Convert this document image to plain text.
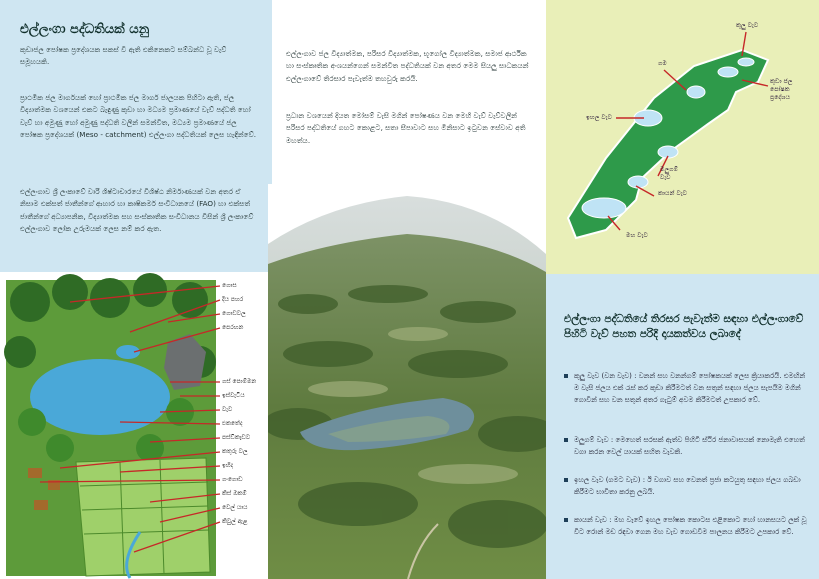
එල්ලංගා පද්ධතියක් යනු

කුඩාජල පෝෂක ප්‍රදේශයක සකස් වී ඇති එකිනෙකට සම්බන්ධ වූ වැව් සමූහයකි.

ප්‍රාථමික ජල මාර්ගයක් හෝ ප්‍රාථමික ජල මාර්ග ජාලයක පිහිටා ඇති, ජල විද්‍යාත්මක වශයෙන් එකට බැඳුණු කුඩා හා මධ්‍යම ප්‍රමාණයේ වැව් පද්ධති හෝ වැව් හා අමුණු හෝ අමුණු පද්ධති වලින් සමන්විත, මධ්‍යම ප්‍රමාණයේ ජල පෝෂක ප්‍රදේශයක් (Meso - catchment) එල්ලංගා පද්ධතියක් ලෙස හැඳින්වේ.

එල්ලංගාව ශ්‍රී ලංකාවේ වාරි ශිෂ්ටාචාරයේ විශිෂ්ඨ නිර්මාණයක් වන අතර ඒ නිසාම එක්සත් ජාතීන්ගේ ආහාර හා කෘෂිකර්ම සංවිධානයේ (FAO) හා එක්සත් ජාතීන්ගේ අධ්‍යාපනික, විද්‍යාත්මක සහ සංස්කෘතික සංවිධානය විසින් ශ්‍රී ලංකාවේ එල්ලංගාව ලෝක උරුමයක් ලෙස නම් කර ඇත.

එල්ලංගාව ජල විද්‍යාත්මක, පරිසර විද්‍යාත්මක, භූගෝල විද්‍යාත්මක, සමාජ ආර්ථික හා සංස්කෘතික අංශයන්ගෙන් සමන්විත පද්ධතියක් වන අතර මෙම සියලු සාධකයන් එල්ලංගාවේ තිරසාර පැවැත්ම තහවුරු කරයි.

ප්‍රධාන වශයෙන් දියත මෝසම් වැසි මගින් පෝෂණය වන මෙහි වැව් වැව්වලින් පරිසර පද්ධතියේ ගහට කොළට, සතා සීපාවාට සහ මිනිසාට ඉටුවන සේවාව අති මහත්ය.

කුලු වැව
ගම
කුඩා ජල පෝෂක ප්‍රදේශය
ඉහල වැව
මලුගම් වැව
කායන් වැව
මහ වැව
එල්ලංගා පද්ධතියේ තිරසර පැවැත්ම සඳහා එල්ලංගාවේ පිහිටි වැව් පහත පරිදි දායකත්වය ලබාදේ
කුලු වැව (වන වැව) : වනන් සහ වනන්ගම් පෝෂකයක් ලෙස ක්‍රියාකරයි. එමඟින් ම වැසි ජලය එක් රැස් කර කුඩා කිරීමටත් වන සතුන් සඳහා ජලය සැපයීම මගින් ගොවීන් සහ වන සතුන් අතර ගැටුම් අවම කිරීමටත් උපකාර වේ.
මලුගම් වැව : මෙහෙත් සරසක් ඇත්ව පිහිටි ස්ථිර ජනාවාසයක් නොමැති එහෙත් වගා කරන වෙල් යායක් සහිත වැවකි.
ඉහල වැව (ගමට වැව) : ඊ වගාව සහ වෙනත් ප්‍රජා කටයුතු සඳහා ජලය ගබඩා කිරීමට භාවිතා කරනු ලබයි.
කායන් වැව : මහ වැවේ ඉහල පෝෂක කොටස එළිකොට හෝ හානසයට ලක් වූ විට රොන් මඩ රඳවා ගෙන මහ වැව ගොඩවීම පාලනය කිරීමට උපකාර වේ.
ගොස
දිය පහර
ගොඩවල
පෙරහන
ගස් පොම්මන
ඉස්වැටිය
වැව
එකතේද
පස්ඩිකෑඩව
කතුරු වල
ඉහිද
ගංගොඩ
කිස් ඔකම්
වෙල් යාය
කිවුල් ඇළ
